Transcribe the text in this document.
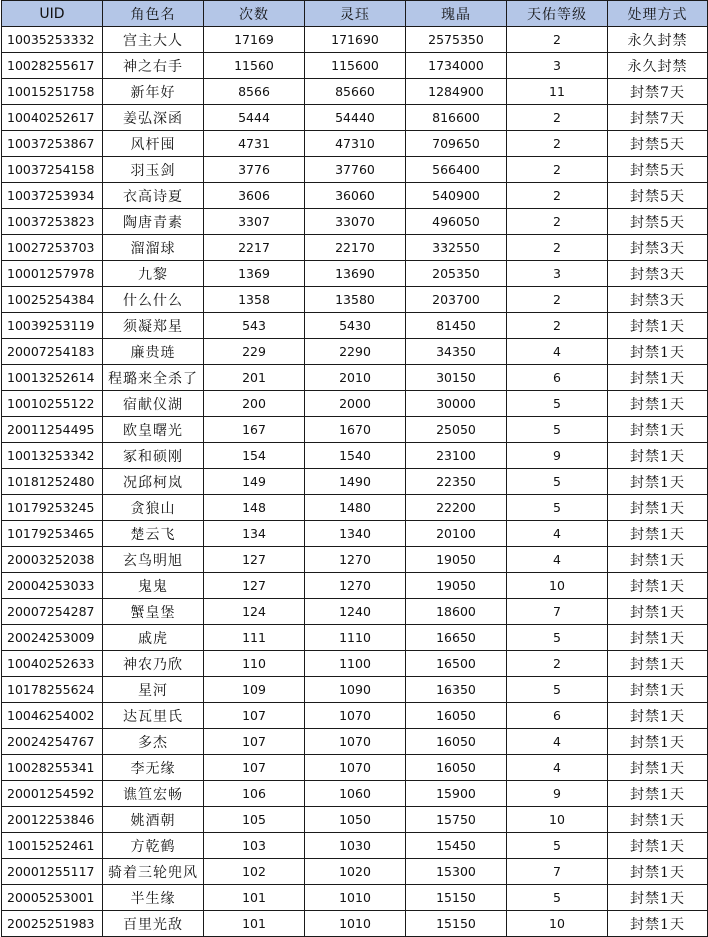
UID	角色名	次数	灵珏	瑰晶	天佑等级	处理方式
10035253332	宫主大人	17169	171690	2575350	2	永久封禁
10028255617	神之右手	11560	115600	1734000	3	永久封禁
10015251758	新年好	8566	85660	1284900	11	封禁7天
10040252617	姜弘深函	5444	54440	816600	2	封禁7天
10037253867	风杆囤	4731	47310	709650	2	封禁5天
10037254158	羽玉剑	3776	37760	566400	2	封禁5天
10037253934	衣高诗夏	3606	36060	540900	2	封禁5天
10037253823	陶唐青素	3307	33070	496050	2	封禁5天
10027253703	溜溜球	2217	22170	332550	2	封禁3天
10001257978	九黎	1369	13690	205350	3	封禁3天
10025254384	什么什么	1358	13580	203700	2	封禁3天
10039253119	须凝郑星	543	5430	81450	2	封禁1天
20007254183	廉贵琏	229	2290	34350	4	封禁1天
10013252614	程璐来全杀了	201	2010	30150	6	封禁1天
10010255122	宿献仪湖	200	2000	30000	5	封禁1天
20011254495	欧皇曙光	167	1670	25050	5	封禁1天
10013253342	冢和硕刚	154	1540	23100	9	封禁1天
10181252480	况邱柯岚	149	1490	22350	5	封禁1天
10179253245	贪狼山	148	1480	22200	5	封禁1天
10179253465	楚云飞	134	1340	20100	4	封禁1天
20003252038	玄鸟明旭	127	1270	19050	4	封禁1天
20004253033	鬼鬼	127	1270	19050	10	封禁1天
20007254287	蟹皇堡	124	1240	18600	7	封禁1天
20024253009	戚虎	111	1110	16650	5	封禁1天
10040252633	神农乃欣	110	1100	16500	2	封禁1天
10178255624	星河	109	1090	16350	5	封禁1天
10046254002	达瓦里氏	107	1070	16050	6	封禁1天
20024254767	多杰	107	1070	16050	4	封禁1天
10028255341	李无缘	107	1070	16050	4	封禁1天
20001254592	谯笪宏畅	106	1060	15900	9	封禁1天
20012253846	姚酒朝	105	1050	15750	10	封禁1天
10015252461	方乾鹤	103	1030	15450	5	封禁1天
20001255117	骑着三轮兜风	102	1020	15300	7	封禁1天
20005253001	半生缘	101	1010	15150	5	封禁1天
20025251983	百里光敌	101	1010	15150	10	封禁1天
